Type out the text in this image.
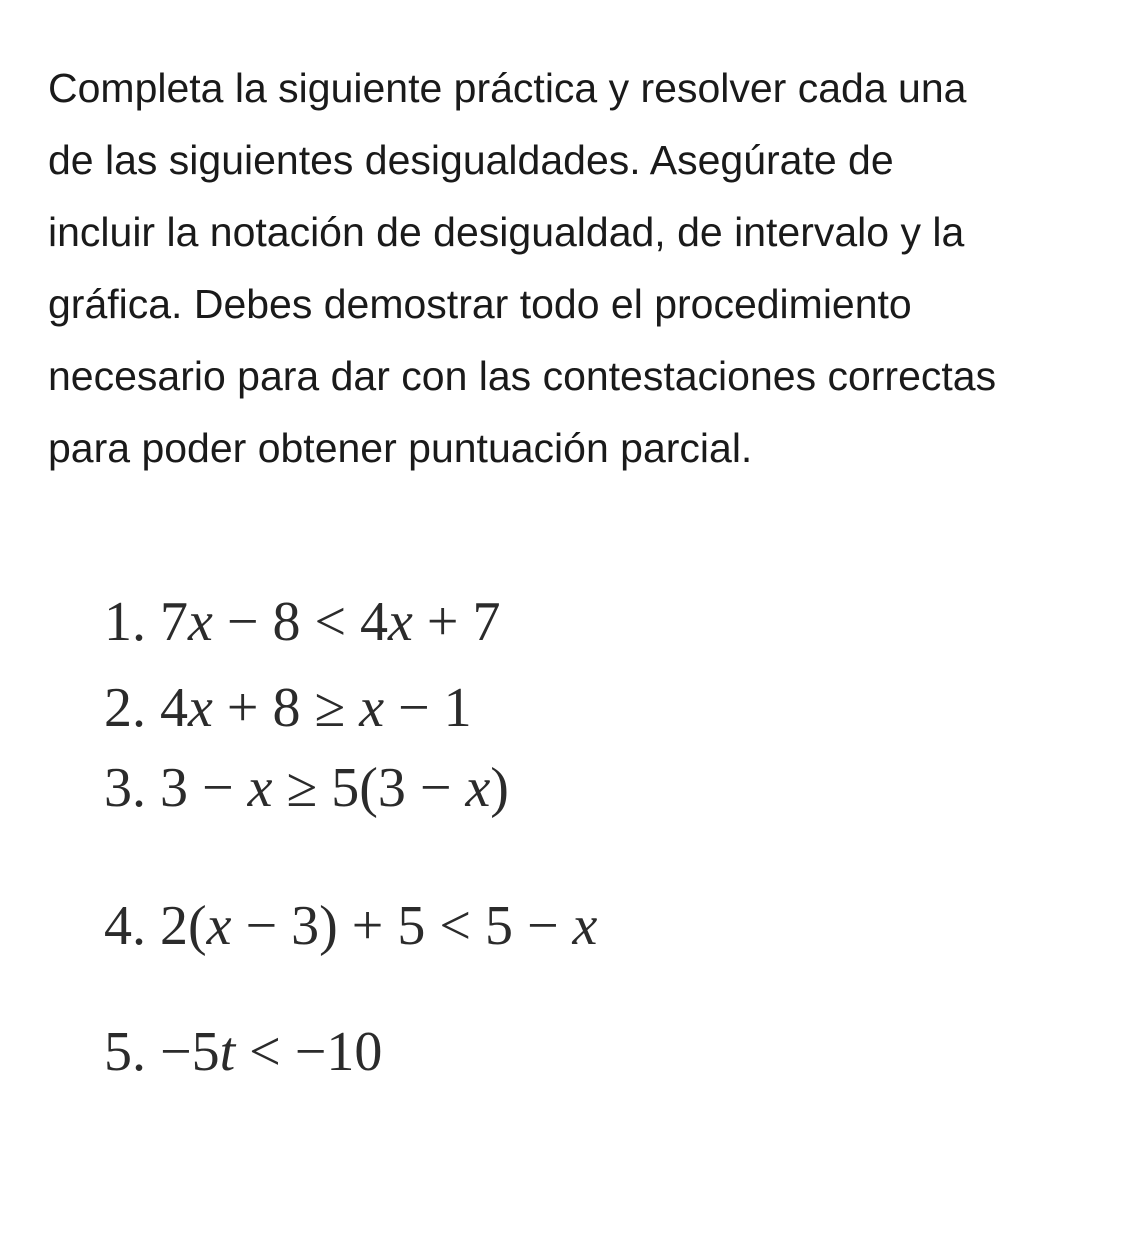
Completa la siguiente práctica y resolver cada una
de las siguientes desigualdades. Asegúrate de
incluir la notación de desigualdad, de intervalo y la
gráfica. Debes demostrar todo el procedimiento
necesario para dar con las contestaciones correctas
para poder obtener puntuación parcial.

1. 7x − 8 < 4x + 7
2. 4x + 8 ≥ x − 1
3. 3 − x ≥ 5(3 − x)
4. 2(x − 3) + 5 < 5 − x
5. −5t < −10
